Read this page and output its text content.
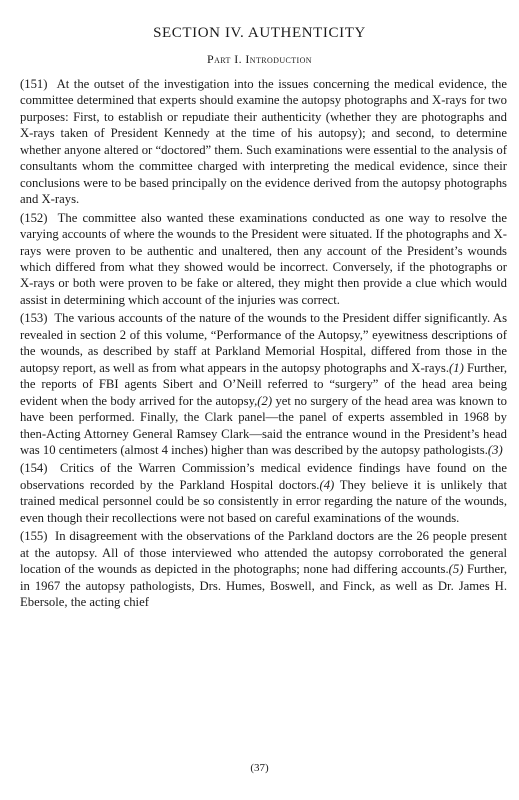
SECTION IV. AUTHENTICITY
Part I. Introduction

(151) At the outset of the investigation into the issues concerning the medical evidence, the committee determined that experts should examine the autopsy photographs and X-rays for two purposes: First, to establish or repudiate their authenticity (whether they are photographs and X-rays taken of President Kennedy at the time of his autopsy); and second, to determine whether anyone altered or “doctored” them. Such examinations were essential to the analysis of consultants whom the committee charged with interpreting the medical evidence, since their conclusions were to be based principally on the evidence derived from the autopsy photographs and X-rays.

(152) The committee also wanted these examinations conducted as one way to resolve the varying accounts of where the wounds to the President were situated. If the photographs and X-rays were proven to be authentic and unaltered, then any account of the President’s wounds which differed from what they showed would be incorrect. Conversely, if the photographs or X-rays or both were proven to be fake or altered, they might then provide a clue which would assist in determining which account of the injuries was correct.

(153) The various accounts of the nature of the wounds to the President differ significantly. As revealed in section 2 of this volume, “Performance of the Autopsy,” eyewitness descriptions of the wounds, as described by staff at Parkland Memorial Hospital, differed from those in the autopsy report, as well as from what appears in the autopsy photographs and X-rays.(1) Further, the reports of FBI agents Sibert and O’Neill referred to “surgery” of the head area being evident when the body arrived for the autopsy,(2) yet no surgery of the head area was known to have been performed. Finally, the Clark panel—the panel of experts assembled in 1968 by then-Acting Attorney General Ramsey Clark—said the entrance wound in the President’s head was 10 centimeters (almost 4 inches) higher than was described by the autopsy pathologists.(3)

(154) Critics of the Warren Commission’s medical evidence findings have found on the observations recorded by the Parkland Hospital doctors.(4) They believe it is unlikely that trained medical personnel could be so consistently in error regarding the nature of the wounds, even though their recollections were not based on careful examinations of the wounds.

(155) In disagreement with the observations of the Parkland doctors are the 26 people present at the autopsy. All of those interviewed who attended the autopsy corroborated the general location of the wounds as depicted in the photographs; none had differing accounts.(5) Further, in 1967 the autopsy pathologists, Drs. Humes, Boswell, and Finck, as well as Dr. James H. Ebersole, the acting chief

(37)
